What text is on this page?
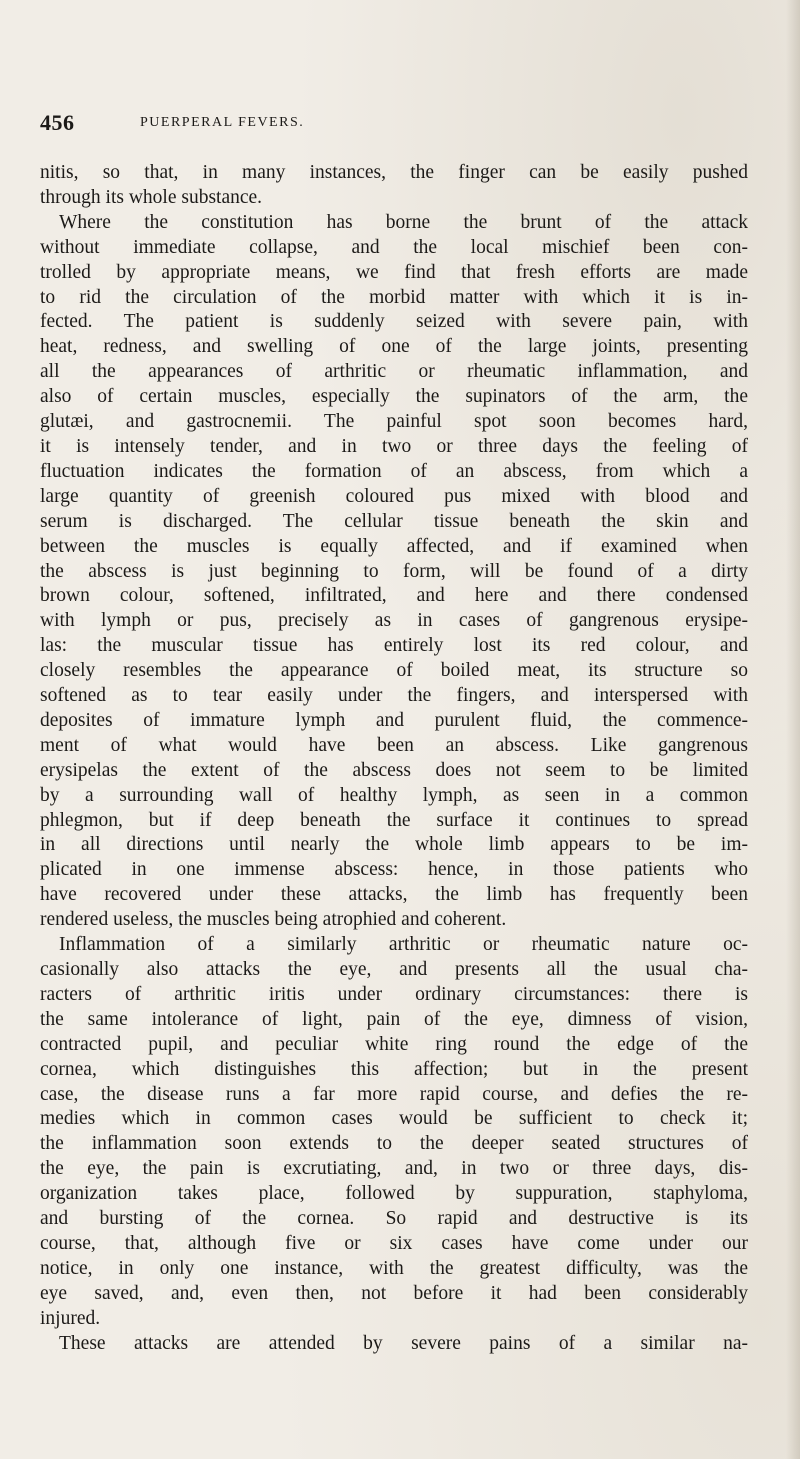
456	PUERPERAL FEVERS.
nitis, so that, in many instances, the finger can be easily pushed
through its whole substance.
Where the constitution has borne the brunt of the attack
without immediate collapse, and the local mischief been con-
trolled by appropriate means, we find that fresh efforts are made
to rid the circulation of the morbid matter with which it is in-
fected. The patient is suddenly seized with severe pain, with
heat, redness, and swelling of one of the large joints, presenting
all the appearances of arthritic or rheumatic inflammation, and
also of certain muscles, especially the supinators of the arm, the
glutæi, and gastrocnemii. The painful spot soon becomes hard,
it is intensely tender, and in two or three days the feeling of
fluctuation indicates the formation of an abscess, from which a
large quantity of greenish coloured pus mixed with blood and
serum is discharged. The cellular tissue beneath the skin and
between the muscles is equally affected, and if examined when
the abscess is just beginning to form, will be found of a dirty
brown colour, softened, infiltrated, and here and there condensed
with lymph or pus, precisely as in cases of gangrenous erysipe-
las: the muscular tissue has entirely lost its red colour, and
closely resembles the appearance of boiled meat, its structure so
softened as to tear easily under the fingers, and interspersed with
deposites of immature lymph and purulent fluid, the commence-
ment of what would have been an abscess. Like gangrenous
erysipelas the extent of the abscess does not seem to be limited
by a surrounding wall of healthy lymph, as seen in a common
phlegmon, but if deep beneath the surface it continues to spread
in all directions until nearly the whole limb appears to be im-
plicated in one immense abscess: hence, in those patients who
have recovered under these attacks, the limb has frequently been
rendered useless, the muscles being atrophied and coherent.
Inflammation of a similarly arthritic or rheumatic nature oc-
casionally also attacks the eye, and presents all the usual cha-
racters of arthritic iritis under ordinary circumstances: there is
the same intolerance of light, pain of the eye, dimness of vision,
contracted pupil, and peculiar white ring round the edge of the
cornea, which distinguishes this affection; but in the present
case, the disease runs a far more rapid course, and defies the re-
medies which in common cases would be sufficient to check it;
the inflammation soon extends to the deeper seated structures of
the eye, the pain is excrutiating, and, in two or three days, dis-
organization takes place, followed by suppuration, staphyloma,
and bursting of the cornea. So rapid and destructive is its
course, that, although five or six cases have come under our
notice, in only one instance, with the greatest difficulty, was the
eye saved, and, even then, not before it had been considerably
injured.
These attacks are attended by severe pains of a similar na-
